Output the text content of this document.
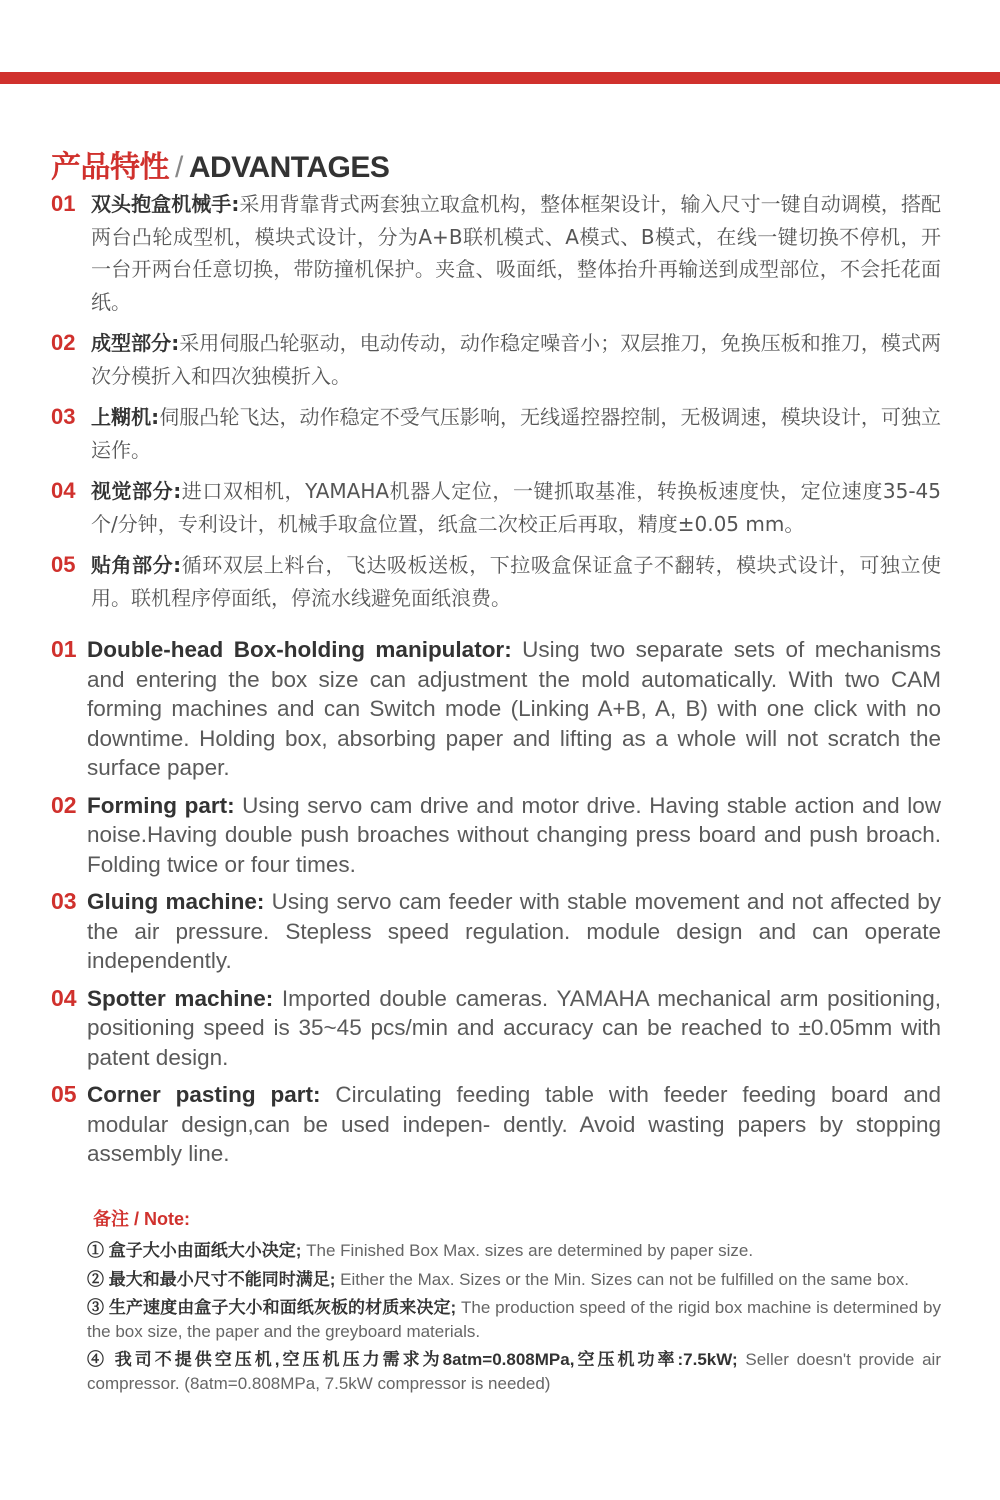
产品特性 / ADVANTAGES
01 双头抱盒机械手:采用背靠背式两套独立取盒机构，整体框架设计，输入尺寸一键自动调模，搭配两台凸轮成型机，模块式设计，分为A+B联机模式、A模式、B模式，在线一键切换不停机，开一台开两台任意切换，带防撞机保护。夹盒、吸面纸，整体抬升再输送到成型部位，不会托花面纸。
02 成型部分:采用伺服凸轮驱动，电动传动，动作稳定噪音小；双层推刀，免换压板和推刀，模式两次分模折入和四次独模折入。
03 上糊机:伺服凸轮飞达，动作稳定不受气压影响，无线遥控器控制，无极调速，模块设计，可独立运作。
04 视觉部分:进口双相机，YAMAHA机器人定位，一键抓取基准，转换板速度快，定位速度35-45个/分钟，专利设计，机械手取盒位置，纸盒二次校正后再取，精度±0.05 mm。
05 贴角部分:循环双层上料台，飞达吸板送板，下拉吸盒保证盒子不翻转，模块式设计，可独立使用。联机程序停面纸，停流水线避免面纸浪费。
01 Double-head Box-holding manipulator: Using two separate sets of mechanisms and entering the box size can adjustment the mold automatically. With two CAM forming machines and can Switch mode (Linking A+B, A, B) with one click with no downtime. Holding box, absorbing paper and lifting as a whole will not scratch the surface paper.
02 Forming part: Using servo cam drive and motor drive. Having stable action and low noise.Having double push broaches without changing press board and push broach. Folding twice or four times.
03 Gluing machine: Using servo cam feeder with stable movement and not affected by the air pressure. Stepless speed regulation. module design and can operate independently.
04 Spotter machine: Imported double cameras. YAMAHA mechanical arm positioning, positioning speed is 35~45 pcs/min and accuracy can be reached to ±0.05mm with patent design.
05 Corner pasting part: Circulating feeding table with feeder feeding board and modular design,can be used indepen- dently. Avoid wasting papers by stopping assembly line.
备注 / Note:
① 盒子大小由面纸大小决定; The Finished Box Max. sizes are determined by paper size.
② 最大和最小尺寸不能同时满足; Either the Max. Sizes or the Min. Sizes can not be fulfilled on the same box.
③ 生产速度由盒子大小和面纸灰板的材质来决定; The production speed of the rigid box machine is determined by the box size, the paper and the greyboard materials.
④ 我司不提供空压机,空压机压力需求为8atm=0.808MPa,空压机功率:7.5kW; Seller doesn't provide air compressor. (8atm=0.808MPa, 7.5kW compressor is needed)
